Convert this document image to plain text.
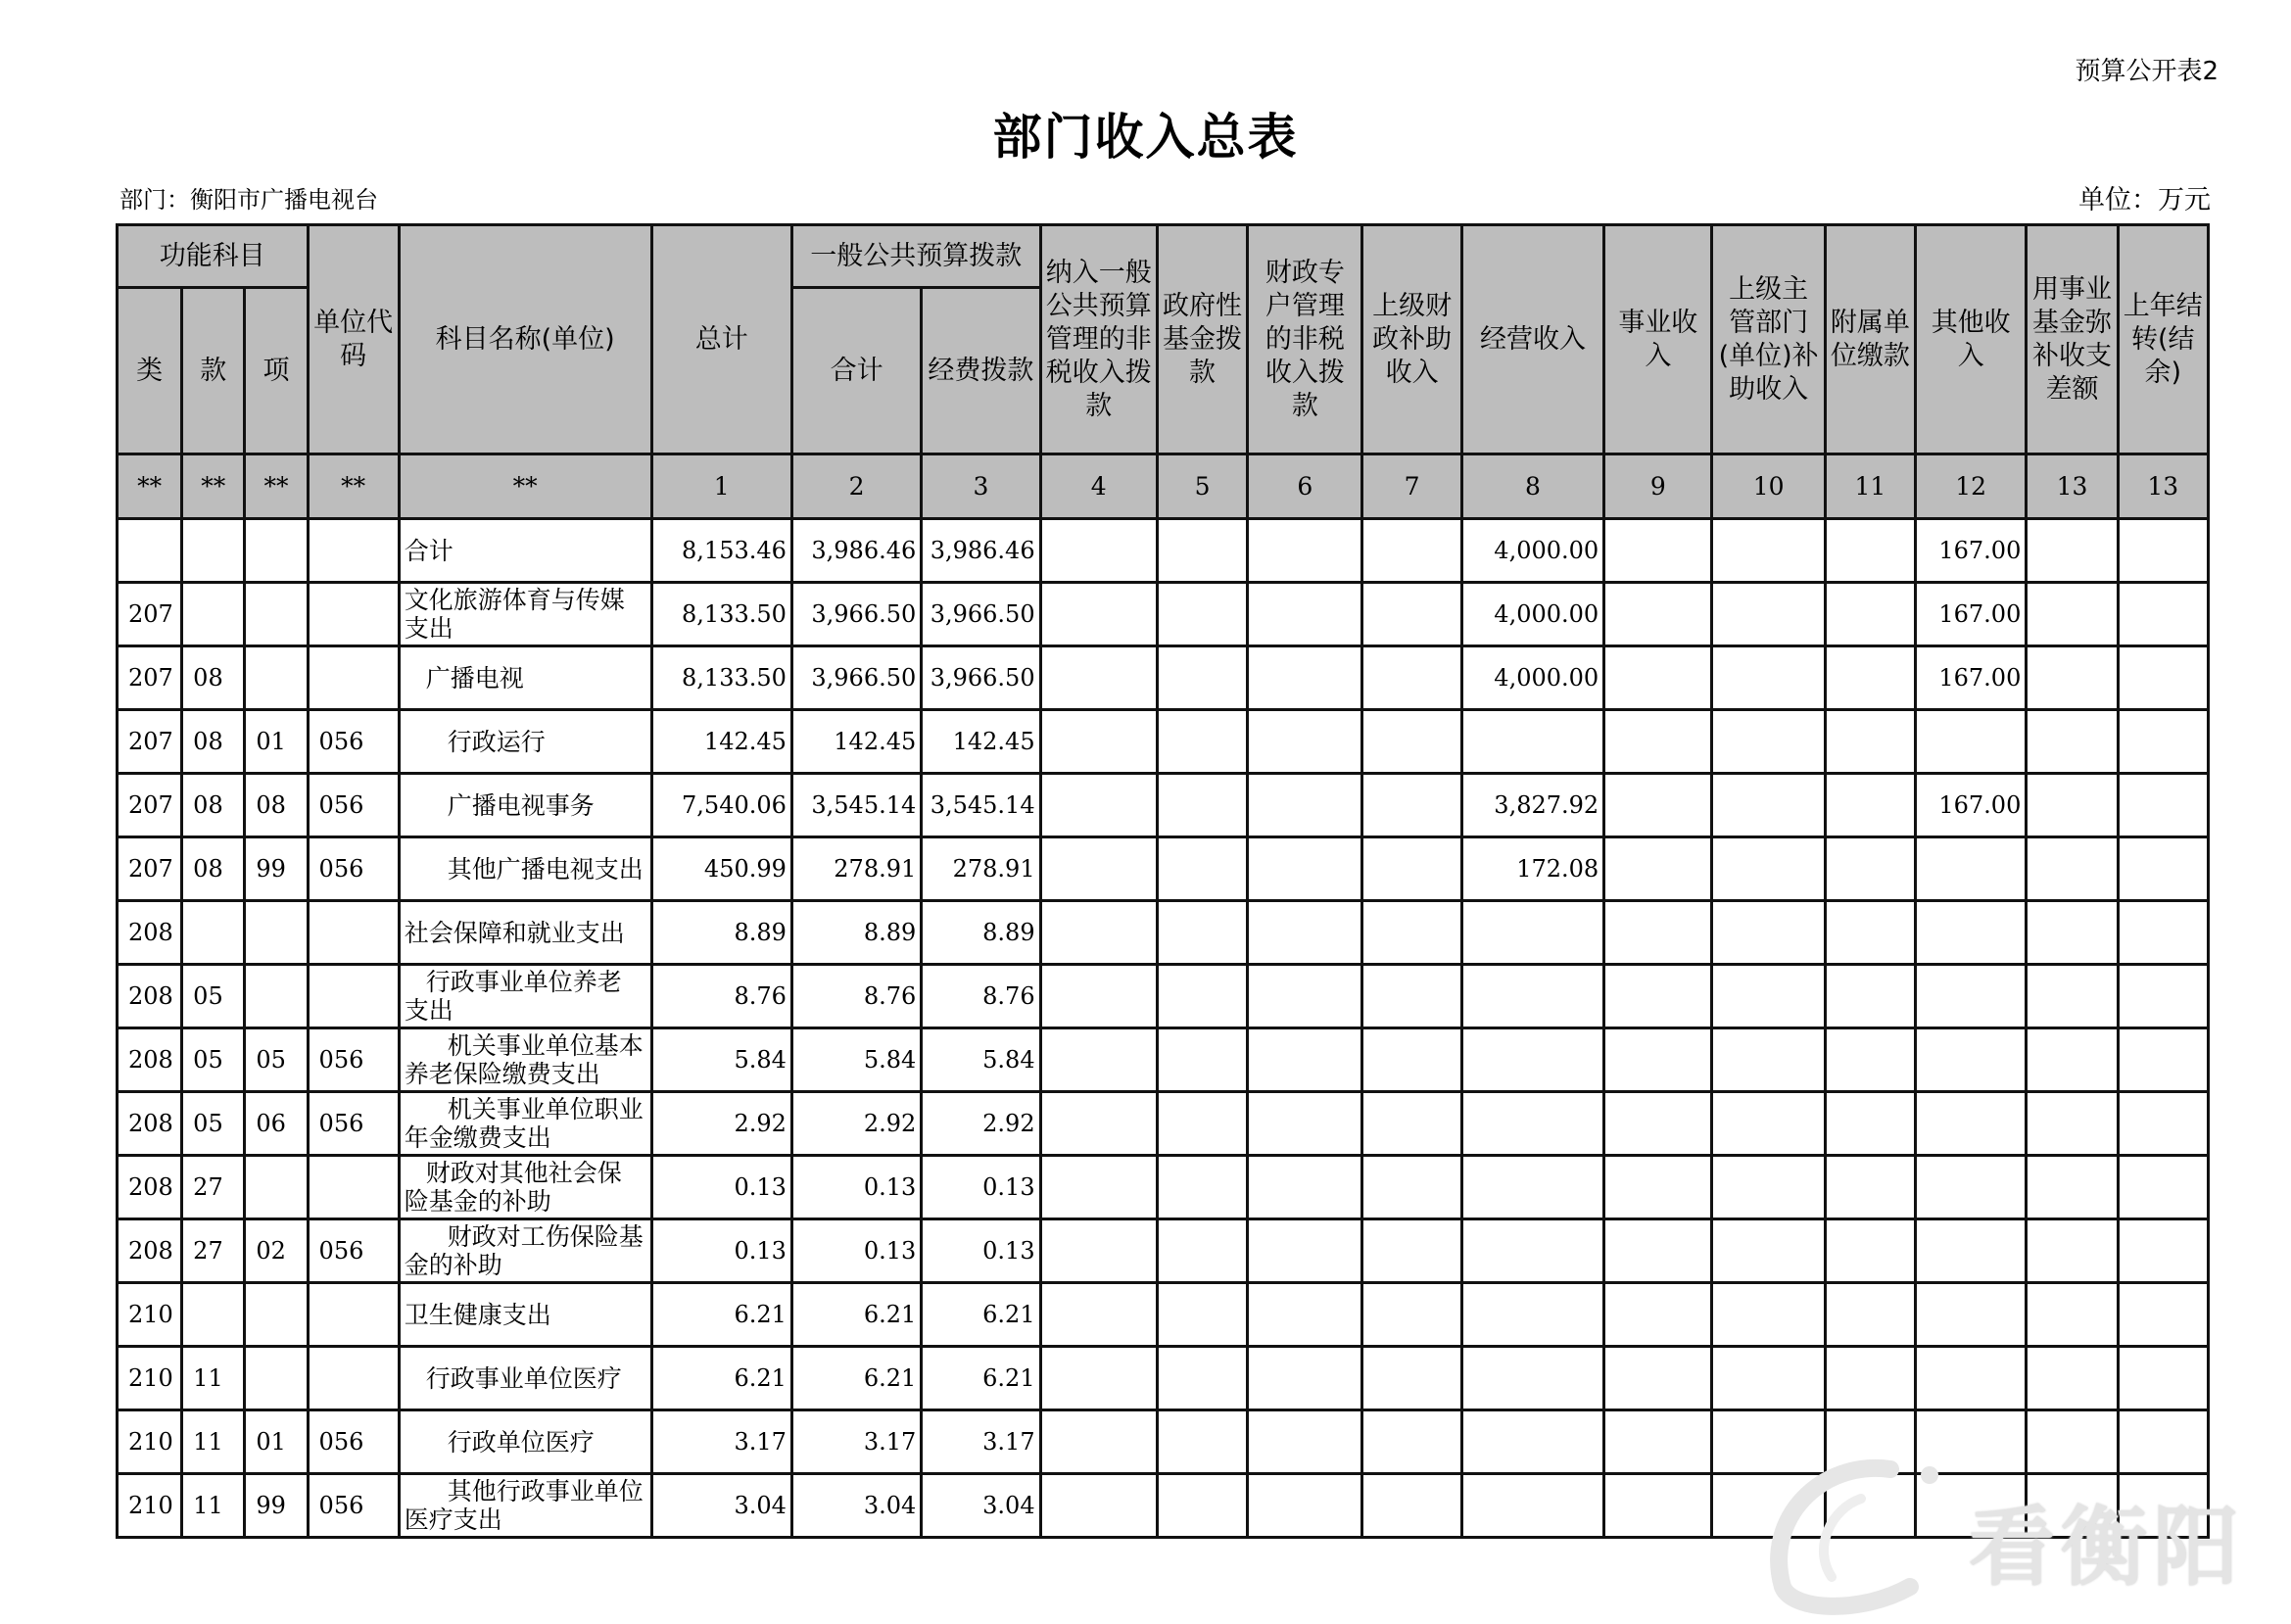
预算公开表2
部门收入总表
部门：衡阳市广播电视台	单位：万元
功能科目			单位代码	科目名称(单位)	总计	一般公共预算拨款		纳入一般公共预算管理的非税收入拨款	政府性基金拨款	财政专户管理的非税收入拨款	上级财政补助收入	经营收入	事业收入	上级主管部门(单位)补助收入	附属单位缴款	其他收入	用事业基金弥补收支差额	上年结转(结余)
类	款	项				合计	经费拨款											
**	**	**	**	**	1	2	3	4	5	6	7	8	9	10	11	12	13	13

				合计	8,153.46	3,986.46	3,986.46					4,000.00				167.00		
207				文化旅游体育与传媒支出	8,133.50	3,966.50	3,966.50					4,000.00				167.00		
207	08			广播电视	8,133.50	3,966.50	3,966.50					4,000.00				167.00		
207	08	01	056	行政运行	142.45	142.45	142.45											
207	08	08	056	广播电视事务	7,540.06	3,545.14	3,545.14					3,827.92				167.00		
207	08	99	056	其他广播电视支出	450.99	278.91	278.91					172.08						
208				社会保障和就业支出	8.89	8.89	8.89											
208	05			行政事业单位养老支出	8.76	8.76	8.76											
208	05	05	056	机关事业单位基本养老保险缴费支出	5.84	5.84	5.84											
208	05	06	056	机关事业单位职业年金缴费支出	2.92	2.92	2.92											
208	27			财政对其他社会保险基金的补助	0.13	0.13	0.13											
208	27	02	056	财政对工伤保险基金的补助	0.13	0.13	0.13											
210				卫生健康支出	6.21	6.21	6.21											
210	11			行政事业单位医疗	6.21	6.21	6.21											
210	11	01	056	行政单位医疗	3.17	3.17	3.17											
210	11	99	056	其他行政事业单位医疗支出	3.04	3.04	3.04												看衡阳
